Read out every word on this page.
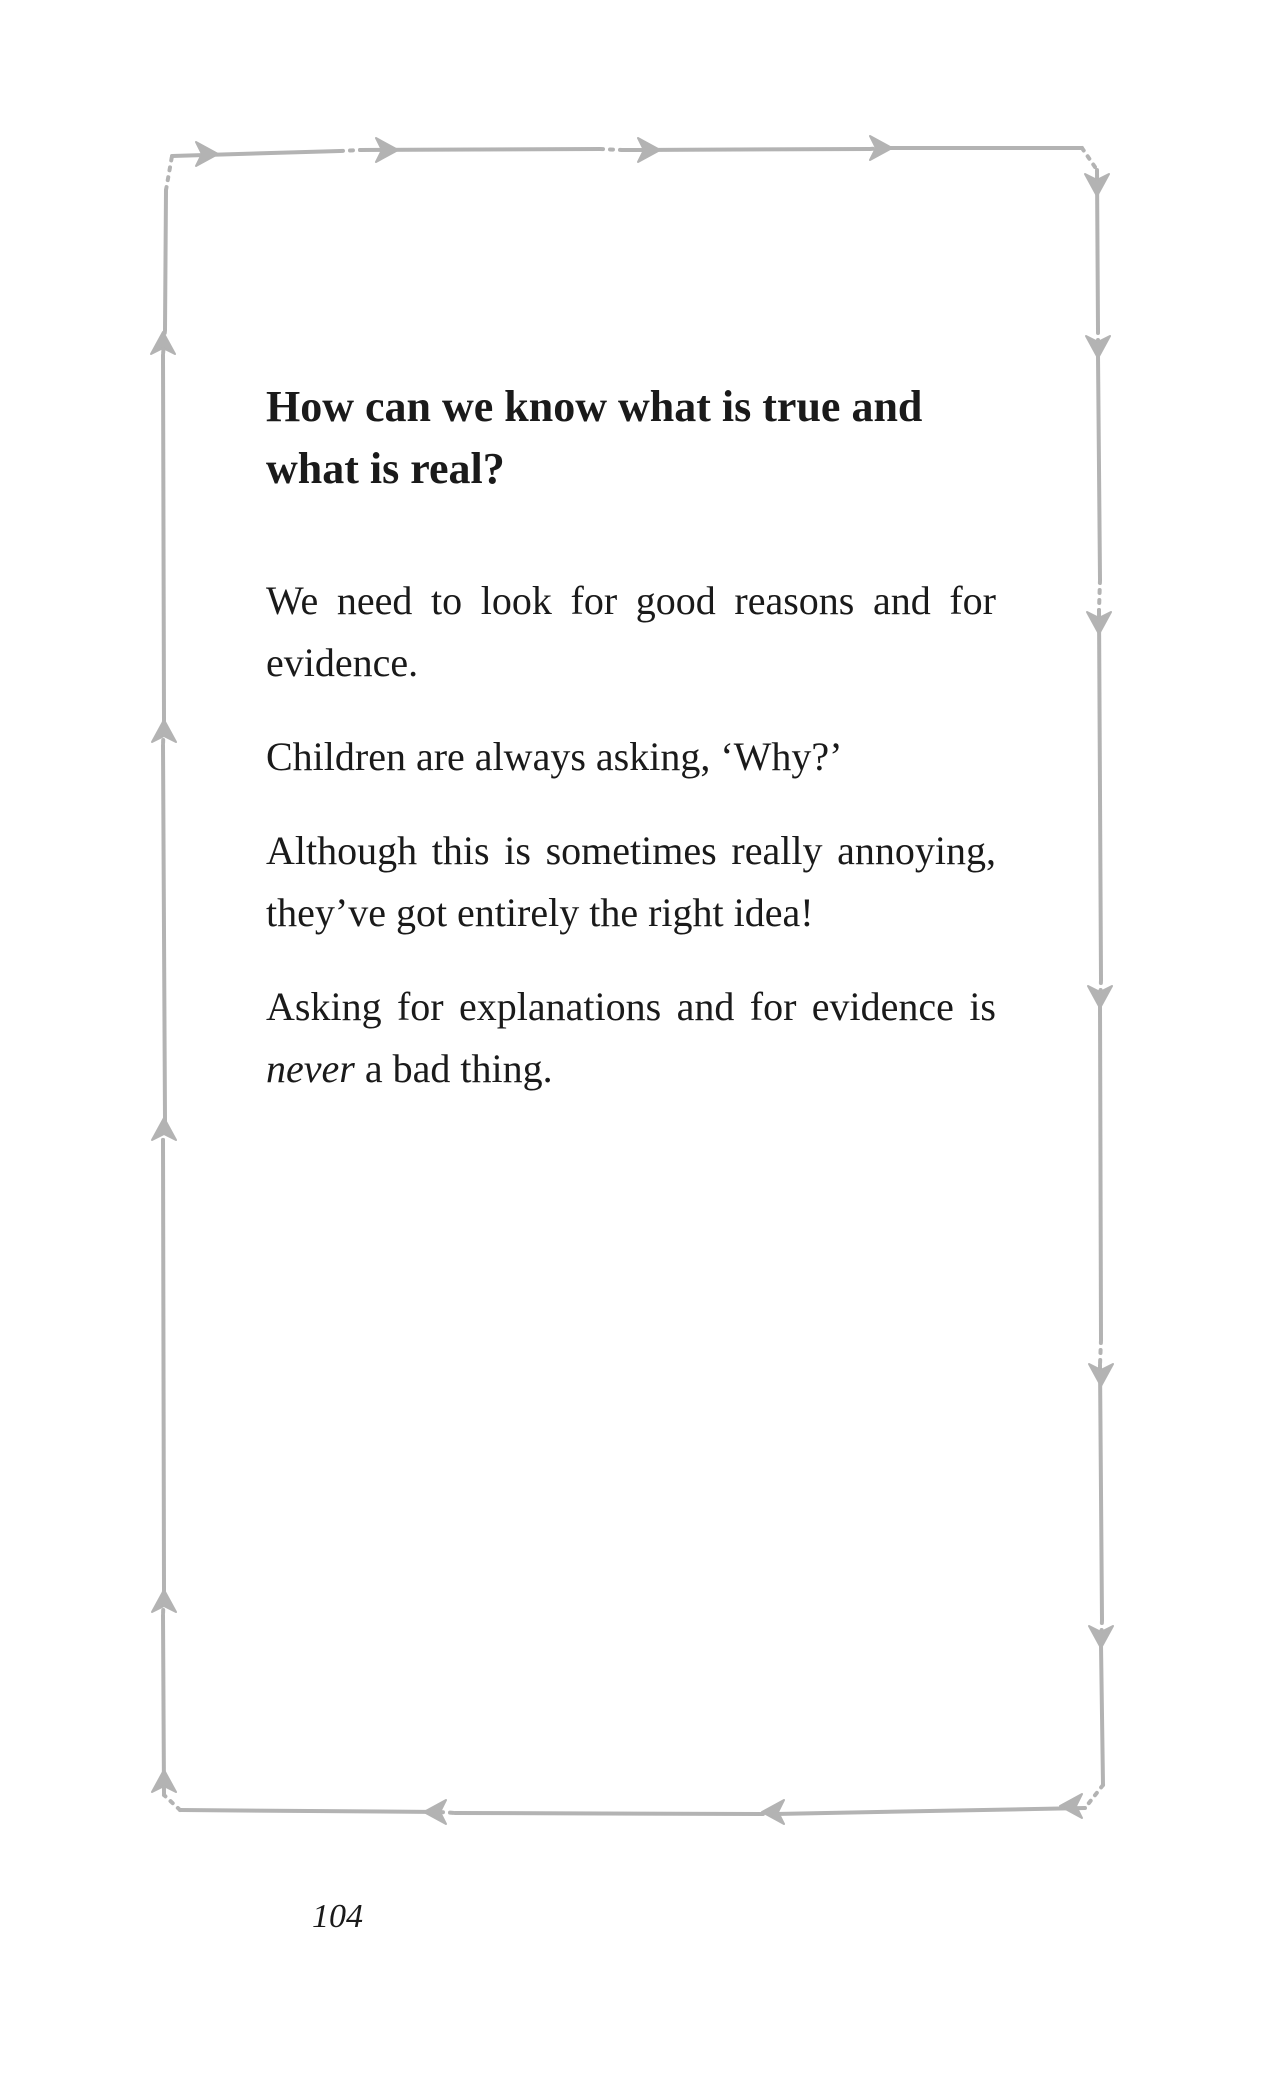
How can we know what is true and what is real?

We need to look for good reasons and for evidence.

Children are always asking, ‘Why?’

Although this is sometimes really annoying, they’ve got entirely the right idea!

Asking for explanations and for evidence is never a bad thing.

104
